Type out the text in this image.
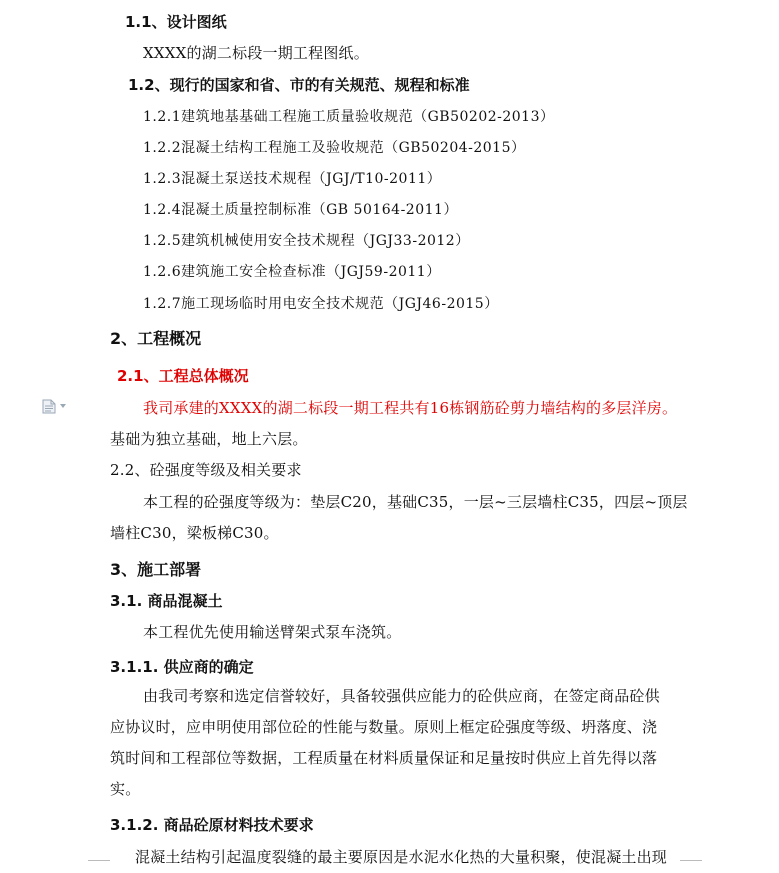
1.1、设计图纸
XXXX的湖二标段一期工程图纸。
1.2、现行的国家和省、市的有关规范、规程和标准
1.2.1建筑地基基础工程施工质量验收规范（GB50202-2013）
1.2.2混凝土结构工程施工及验收规范（GB50204-2015）
1.2.3混凝土泵送技术规程（JGJ/T10-2011）
1.2.4混凝土质量控制标准（GB 50164-2011）
1.2.5建筑机械使用安全技术规程（JGJ33-2012）
1.2.6建筑施工安全检查标准（JGJ59-2011）
1.2.7施工现场临时用电安全技术规范（JGJ46-2015）
2、工程概况
2.1、工程总体概况
我司承建的XXXX的湖二标段一期工程共有16栋钢筋砼剪力墙结构的多层洋房。
基础为独立基础，地上六层。
2.2、砼强度等级及相关要求
本工程的砼强度等级为：垫层C20，基础C35，一层~三层墙柱C35，四层~顶层
墙柱C30，梁板梯C30。
3、施工部署
3.1. 商品混凝土
本工程优先使用输送臂架式泵车浇筑。
3.1.1. 供应商的确定
由我司考察和选定信誉较好，具备较强供应能力的砼供应商，在签定商品砼供
应协议时，应申明使用部位砼的性能与数量。原则上框定砼强度等级、坍落度、浇
筑时间和工程部位等数据，工程质量在材料质量保证和足量按时供应上首先得以落
实。
3.1.2. 商品砼原材料技术要求
混凝土结构引起温度裂缝的最主要原因是水泥水化热的大量积聚，使混凝土出现
